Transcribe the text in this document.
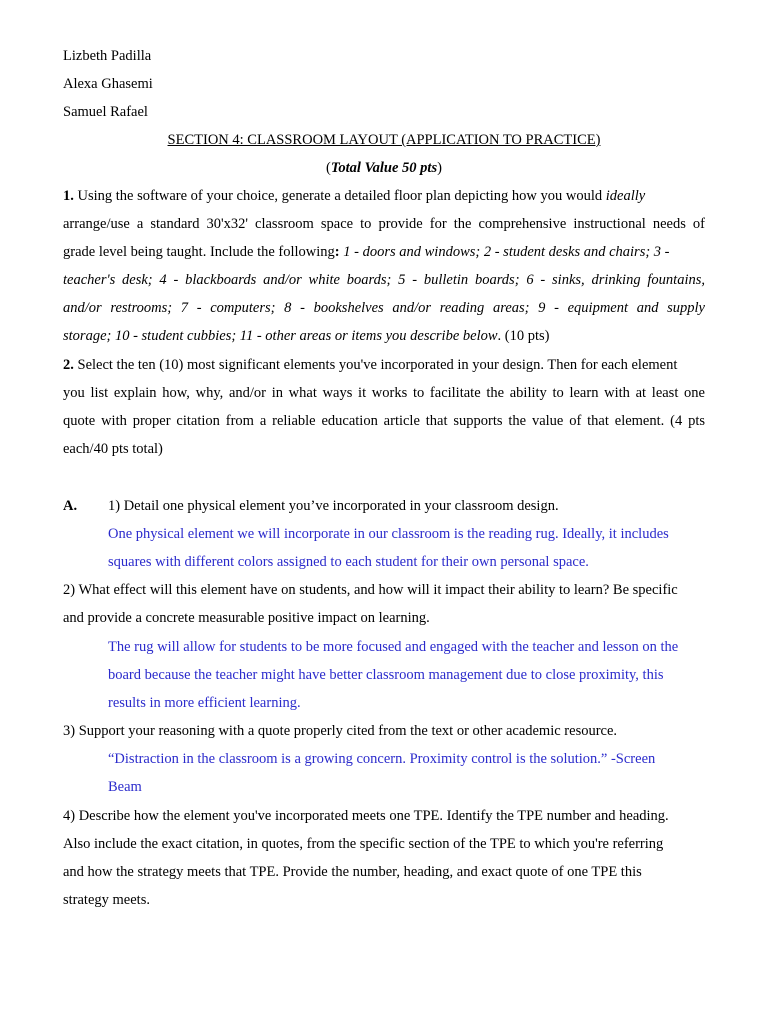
Lizbeth Padilla
Alexa Ghasemi
Samuel Rafael
SECTION 4: CLASSROOM LAYOUT (APPLICATION TO PRACTICE)
(Total Value 50 pts)
1. Using the software of your choice, generate a detailed floor plan depicting how you would ideally
arrange/use a standard 30'x32' classroom space to provide for the comprehensive instructional needs of
grade level being taught. Include the following: 1 - doors and windows; 2 - student desks and chairs; 3 -
teacher's desk; 4 - blackboards and/or white boards; 5 - bulletin boards; 6 - sinks, drinking fountains,
and/or restrooms; 7 - computers; 8 - bookshelves and/or reading areas; 9 - equipment and supply
storage; 10 - student cubbies; 11 - other areas or items you describe below. (10 pts)
2. Select the ten (10) most significant elements you've incorporated in your design. Then for each element
you list explain how, why, and/or in what ways it works to facilitate the ability to learn with at least one
quote with proper citation from a reliable education article that supports the value of that element. (4 pts
each/40 pts total)
A. 1) Detail one physical element you’ve incorporated in your classroom design.
One physical element we will incorporate in our classroom is the reading rug. Ideally, it includes
squares with different colors assigned to each student for their own personal space.
2) What effect will this element have on students, and how will it impact their ability to learn? Be specific
and provide a concrete measurable positive impact on learning.
The rug will allow for students to be more focused and engaged with the teacher and lesson on the
board because the teacher might have better classroom management due to close proximity, this
results in more efficient learning.
3) Support your reasoning with a quote properly cited from the text or other academic resource.
“Distraction in the classroom is a growing concern. Proximity control is the solution.” -Screen
Beam
4) Describe how the element you've incorporated meets one TPE. Identify the TPE number and heading.
Also include the exact citation, in quotes, from the specific section of the TPE to which you're referring
and how the strategy meets that TPE. Provide the number, heading, and exact quote of one TPE this
strategy meets.
